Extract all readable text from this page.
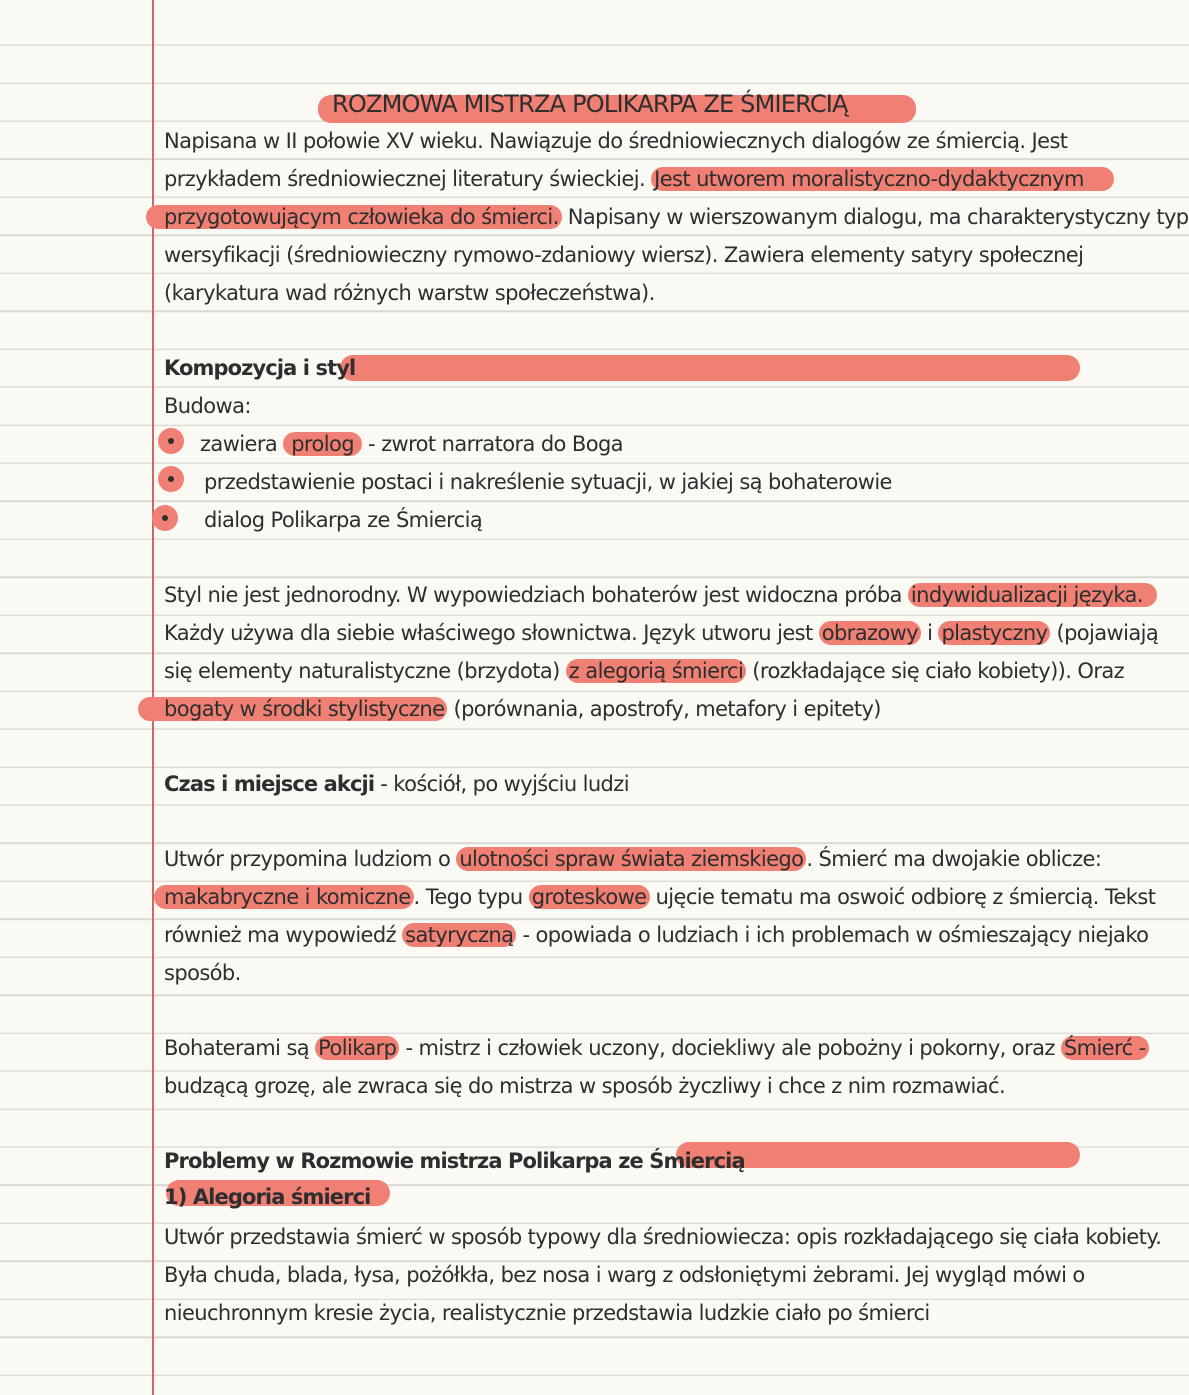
ROZMOWA MISTRZA POLIKARPA ZE ŚMIERCIĄ
Napisana w II połowie XV wieku. Nawiązuje do średniowiecznych dialogów ze śmiercią. Jest
przykładem średniowiecznej literatury świeckiej. Jest utworem moralistyczno-dydaktycznym
przygotowującym człowieka do śmierci. Napisany w wierszowanym dialogu, ma charakterystyczny typ
wersyfikacji (średniowieczny rymowo-zdaniowy wiersz). Zawiera elementy satyry społecznej
(karykatura wad różnych warstw społeczeństwa).
Kompozycja i styl
Budowa:
zawiera prolog - zwrot narratora do Boga
przedstawienie postaci i nakreślenie sytuacji, w jakiej są bohaterowie
dialog Polikarpa ze Śmiercią
Styl nie jest jednorodny. W wypowiedziach bohaterów jest widoczna próba indywidualizacji języka.
Każdy używa dla siebie właściwego słownictwa. Język utworu jest obrazowy i plastyczny (pojawiają
się elementy naturalistyczne (brzydota) z alegorią śmierci (rozkładające się ciało kobiety)). Oraz
bogaty w środki stylistyczne (porównania, apostrofy, metafory i epitety)
Czas i miejsce akcji - kościół, po wyjściu ludzi
Utwór przypomina ludziom o ulotności spraw świata ziemskiego . Śmierć ma dwojakie oblicze:
makabryczne i komiczne . Tego typu groteskowe ujęcie tematu ma oswoić odbiorę z śmiercią. Tekst
również ma wypowiedź satyryczną - opowiada o ludziach i ich problemach w ośmieszający niejako
sposób.
Bohaterami są Polikarp - mistrz i człowiek uczony, dociekliwy ale pobożny i pokorny, oraz Śmierć -
budzącą grozę, ale zwraca się do mistrza w sposób życzliwy i chce z nim rozmawiać.
Problemy w Rozmowie mistrza Polikarpa ze Śmiercią
1) Alegoria śmierci
Utwór przedstawia śmierć w sposób typowy dla średniowiecza: opis rozkładającego się ciała kobiety.
Była chuda, blada, łysa, pożółkła, bez nosa i warg z odsłoniętymi żebrami. Jej wygląd mówi o
nieuchronnym kresie życia, realistycznie przedstawia ludzkie ciało po śmierci
